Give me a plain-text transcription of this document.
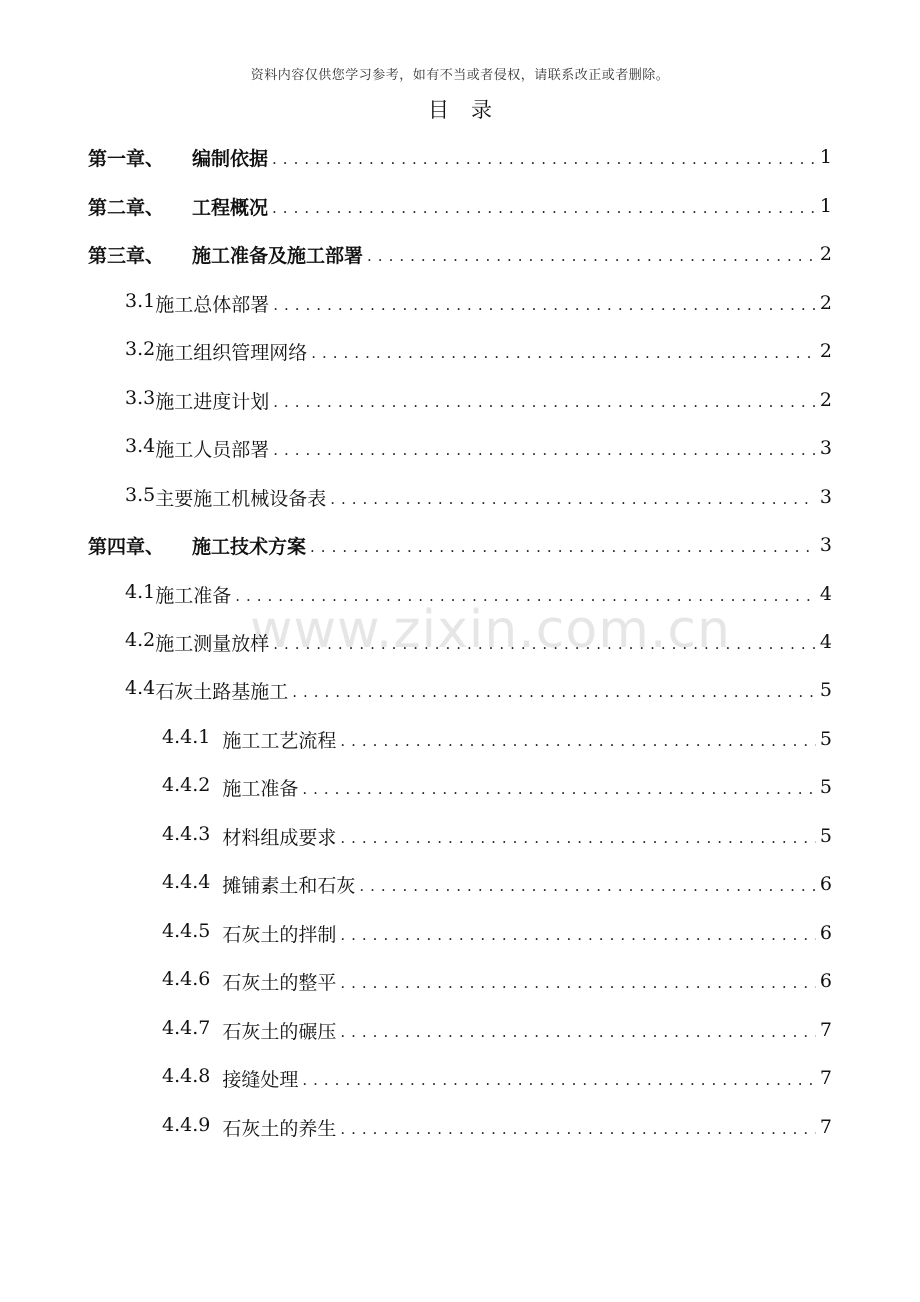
资料内容仅供您学习参考，如有不当或者侵权，请联系改正或者删除。
目录
www.zixin.com.cn
第一章、 编制依据 .....	1
第二章、 工程概况 .....	1
第三章、 施工准备及施工部署 .....	2
3.1 施工总体部署 .....	2
3.2 施工组织管理网络 .....	2
3.3 施工进度计划 .....	2
3.4 施工人员部署 .....	3
3.5 主要施工机械设备表 .....	3
第四章、 施工技术方案 .....	3
4.1 施工准备 .....	4
4.2 施工测量放样 .....	4
4.4 石灰土路基施工 .....	5
4.4.1 施工工艺流程 .....	5
4.4.2 施工准备 .....	5
4.4.3 材料组成要求 .....	5
4.4.4 摊铺素土和石灰 .....	6
4.4.5 石灰土的拌制 .....	6
4.4.6 石灰土的整平 .....	6
4.4.7 石灰土的碾压 .....	7
4.4.8 接缝处理 .....	7
4.4.9 石灰土的养生 .....	7
